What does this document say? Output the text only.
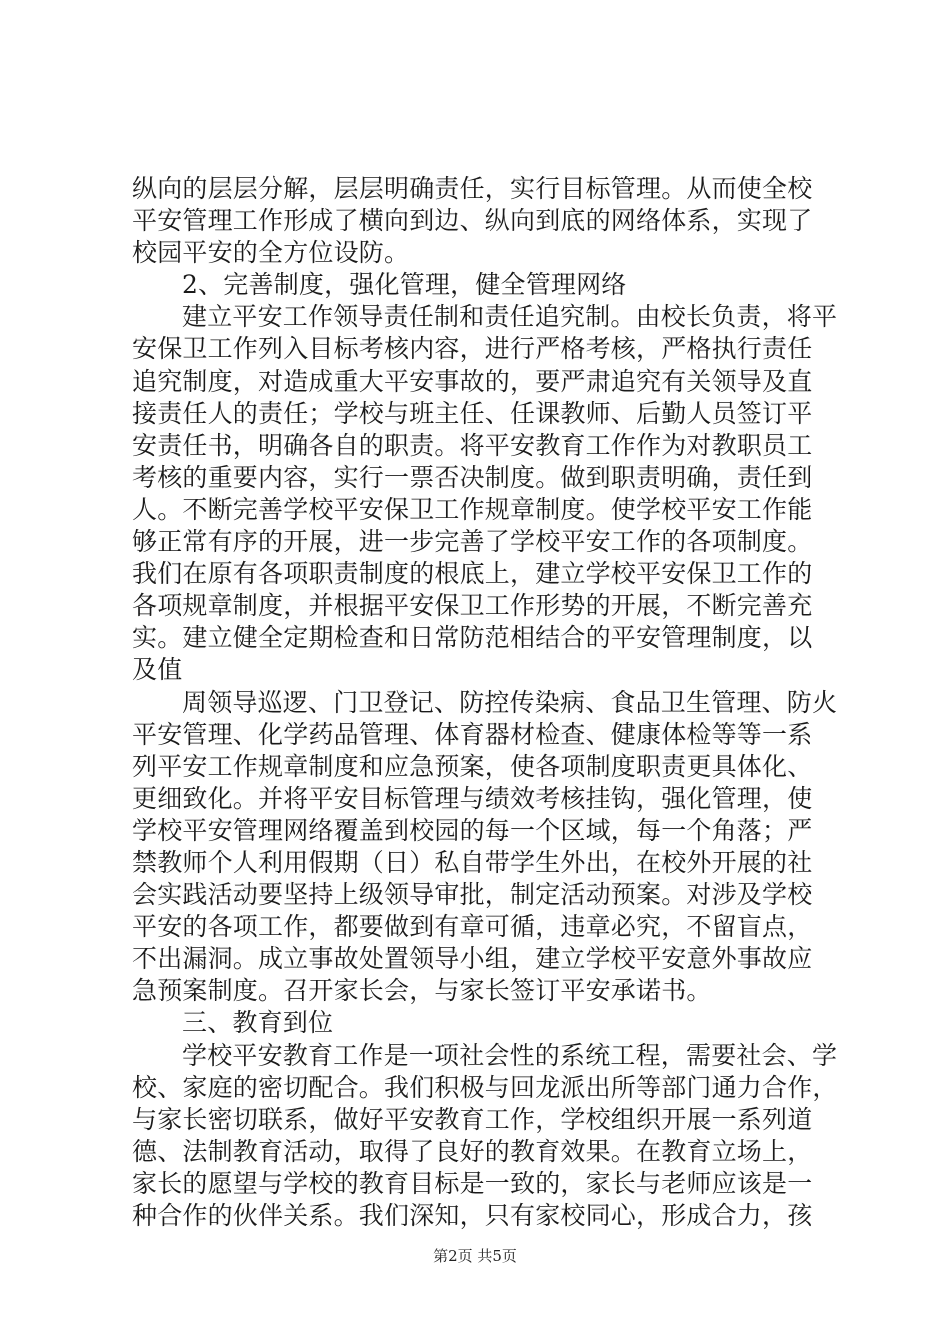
纵向的层层分解，层层明确责任，实行目标管理。从而使全校
平安管理工作形成了横向到边、纵向到底的网络体系，实现了
校园平安的全方位设防。
2、完善制度，强化管理，健全管理网络
建立平安工作领导责任制和责任追究制。由校长负责，将平
安保卫工作列入目标考核内容，进行严格考核，严格执行责任
追究制度，对造成重大平安事故的，要严肃追究有关领导及直
接责任人的责任；学校与班主任、任课教师、后勤人员签订平
安责任书，明确各自的职责。将平安教育工作作为对教职员工
考核的重要内容，实行一票否决制度。做到职责明确，责任到
人。不断完善学校平安保卫工作规章制度。使学校平安工作能
够正常有序的开展，进一步完善了学校平安工作的各项制度。
我们在原有各项职责制度的根底上，建立学校平安保卫工作的
各项规章制度，并根据平安保卫工作形势的开展，不断完善充
实。建立健全定期检查和日常防范相结合的平安管理制度，以
及值
周领导巡逻、门卫登记、防控传染病、食品卫生管理、防火
平安管理、化学药品管理、体育器材检查、健康体检等等一系
列平安工作规章制度和应急预案，使各项制度职责更具体化、
更细致化。并将平安目标管理与绩效考核挂钩，强化管理，使
学校平安管理网络覆盖到校园的每一个区域，每一个角落；严
禁教师个人利用假期（日）私自带学生外出，在校外开展的社
会实践活动要坚持上级领导审批，制定活动预案。对涉及学校
平安的各项工作，都要做到有章可循，违章必究，不留盲点，
不出漏洞。成立事故处置领导小组，建立学校平安意外事故应
急预案制度。召开家长会，与家长签订平安承诺书。
三、教育到位
学校平安教育工作是一项社会性的系统工程，需要社会、学
校、家庭的密切配合。我们积极与回龙派出所等部门通力合作，
与家长密切联系，做好平安教育工作，学校组织开展一系列道
德、法制教育活动，取得了良好的教育效果。在教育立场上，
家长的愿望与学校的教育目标是一致的，家长与老师应该是一
种合作的伙伴关系。我们深知，只有家校同心，形成合力，孩
第2页 共5页
